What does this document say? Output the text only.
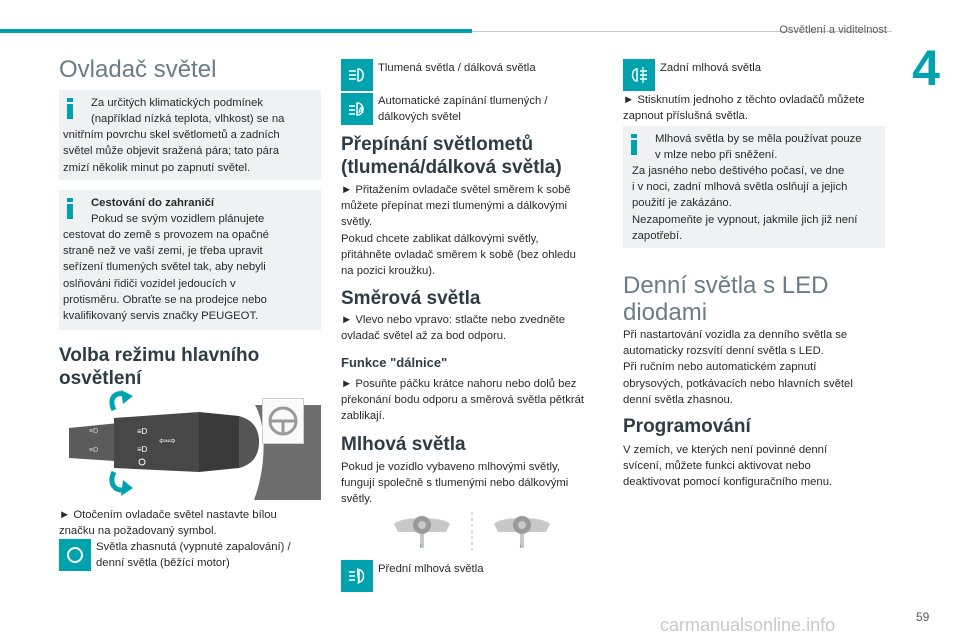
Osvětlení a viditelnost
4
Ovladač světel
Za určitých klimatických podmínek
(například nízká teplota, vlhkost) se na
vnitřním povrchu skel světlometů a zadních
světel může objevit sražená pára; tato pára
zmizí několik minut po zapnutí světel.
Cestování do zahraničí
Pokud se svým vozidlem plánujete
cestovat do země s provozem na opačné
straně než ve vaší zemi, je třeba upravit
seřízení tlumených světel tak, aby nebyli
oslňováni řidiči vozidel jedoucích v
protisměru. Obraťte se na prodejce nebo
kvalifikovaný servis značky PEUGEOT.
Volba režimu hlavního
osvětlení
≡D
≡D
≡D
≡D
⇦⇨
► Otočením ovladače světel nastavte bílou
značku na požadovaný symbol.
Světla zhasnutá (vypnuté zapalování) /
denní světla (běžící motor)
Tlumená světla / dálková světla
A
Automatické zapínání tlumených /
dálkových světel
Přepínání světlometů
(tlumená/dálková světla)
► Přitažením ovladače světel směrem k sobě
můžete přepínat mezi tlumenými a dálkovými
světly.
Pokud chcete zablikat dálkovými světly,
přitáhněte ovladač směrem k sobě (bez ohledu
na pozici kroužku).
Směrová světla
► Vlevo nebo vpravo: stlačte nebo zvedněte
ovladač světel až za bod odporu.
Funkce "dálnice"
► Posuňte páčku krátce nahoru nebo dolů bez
překonání bodu odporu a směrová světla pětkrát
zablikají.
Mlhová světla
Pokud je vozidlo vybaveno mlhovými světly,
fungují společně s tlumenými nebo dálkovými
světly.
↓	↓
Přední mlhová světla
Zadní mlhová světla
► Stisknutím jednoho z těchto ovladačů můžete
zapnout příslušná světla.
Mlhová světla by se měla používat pouze
v mlze nebo při sněžení.
Za jasného nebo deštivého počasí, ve dne
i v noci, zadní mlhová světla oslňují a jejich
použití je zakázáno.
Nezapomeňte je vypnout, jakmile jich již není
zapotřebí.
Denní světla s LED
diodami
Při nastartování vozidla za denního světla se
automaticky rozsvítí denní světla s LED.
Při ručním nebo automatickém zapnutí
obrysových, potkávacích nebo hlavních světel
denní světla zhasnou.
Programování
V zemích, ve kterých není povinné denní
svícení, můžete funkci aktivovat nebo
deaktivovat pomocí konfiguračního menu.
carmanualsonline.info	59
